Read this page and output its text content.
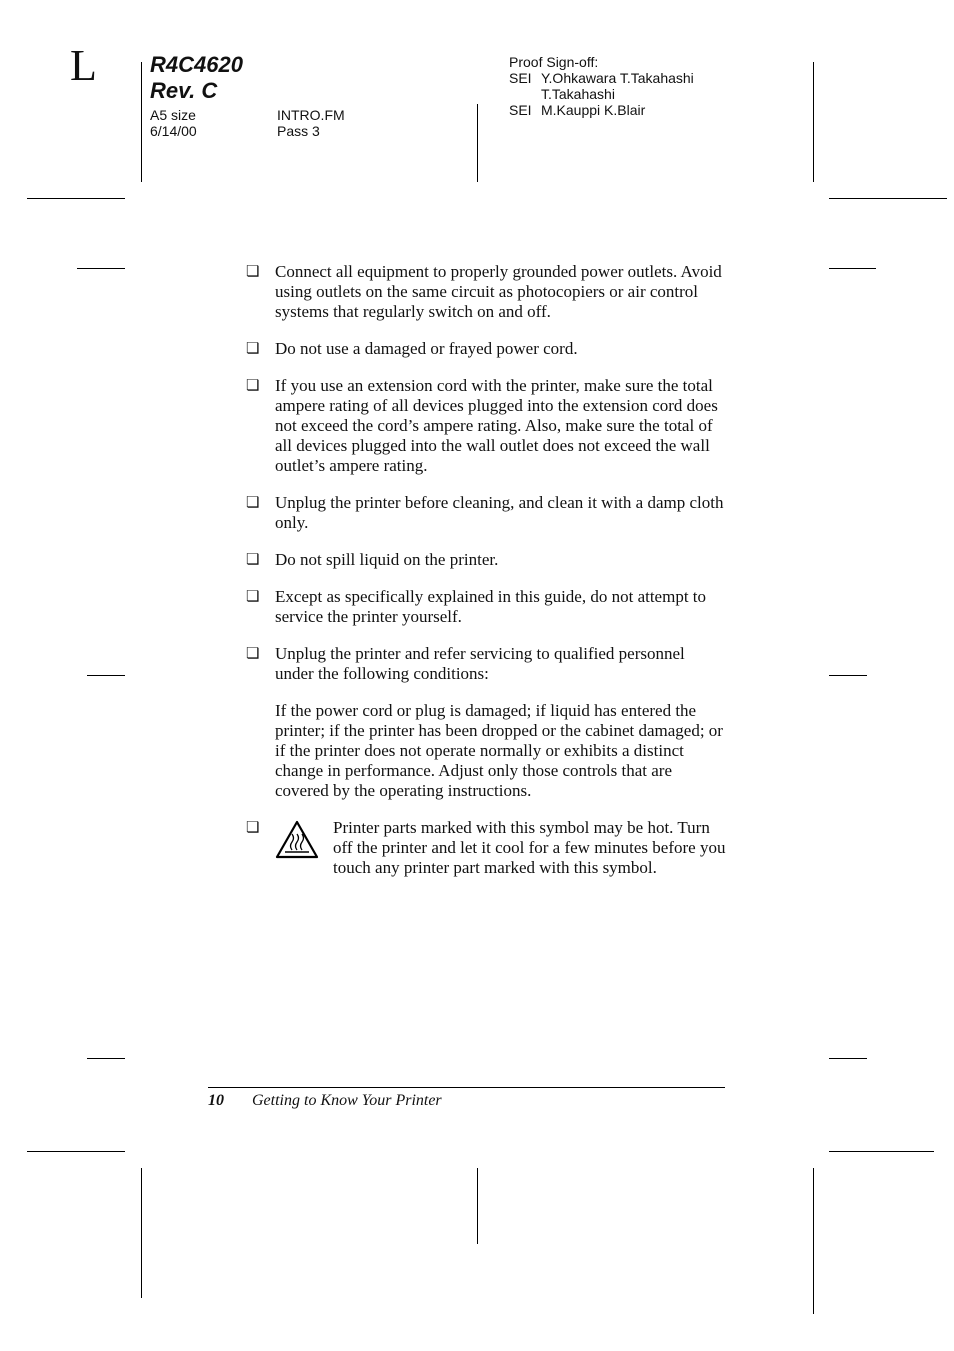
L R4C4620
Rev. C
A5 size
6/14/00
INTRO.FM
Pass 3
Proof Sign-off:
SEI Y.Ohkawara T.Takahashi
T.Takahashi
SEI M.Kauppi K.Blair
❏ Connect all equipment to properly grounded power outlets. Avoid using outlets on the same circuit as photocopiers or air control systems that regularly switch on and off.
❏ Do not use a damaged or frayed power cord.
❏ If you use an extension cord with the printer, make sure the total ampere rating of all devices plugged into the extension cord does not exceed the cord’s ampere rating. Also, make sure the total of all devices plugged into the wall outlet does not exceed the wall outlet’s ampere rating.
❏ Unplug the printer before cleaning, and clean it with a damp cloth only.
❏ Do not spill liquid on the printer.
❏ Except as specifically explained in this guide, do not attempt to service the printer yourself.
❏ Unplug the printer and refer servicing to qualified personnel under the following conditions:
If the power cord or plug is damaged; if liquid has entered the printer; if the printer has been dropped or the cabinet damaged; or if the printer does not operate normally or exhibits a distinct change in performance. Adjust only those controls that are covered by the operating instructions.
❏	Printer parts marked with this symbol may be hot. Turn off the printer and let it cool for a few minutes before you touch any printer part marked with this symbol.
10	Getting to Know Your Printer
